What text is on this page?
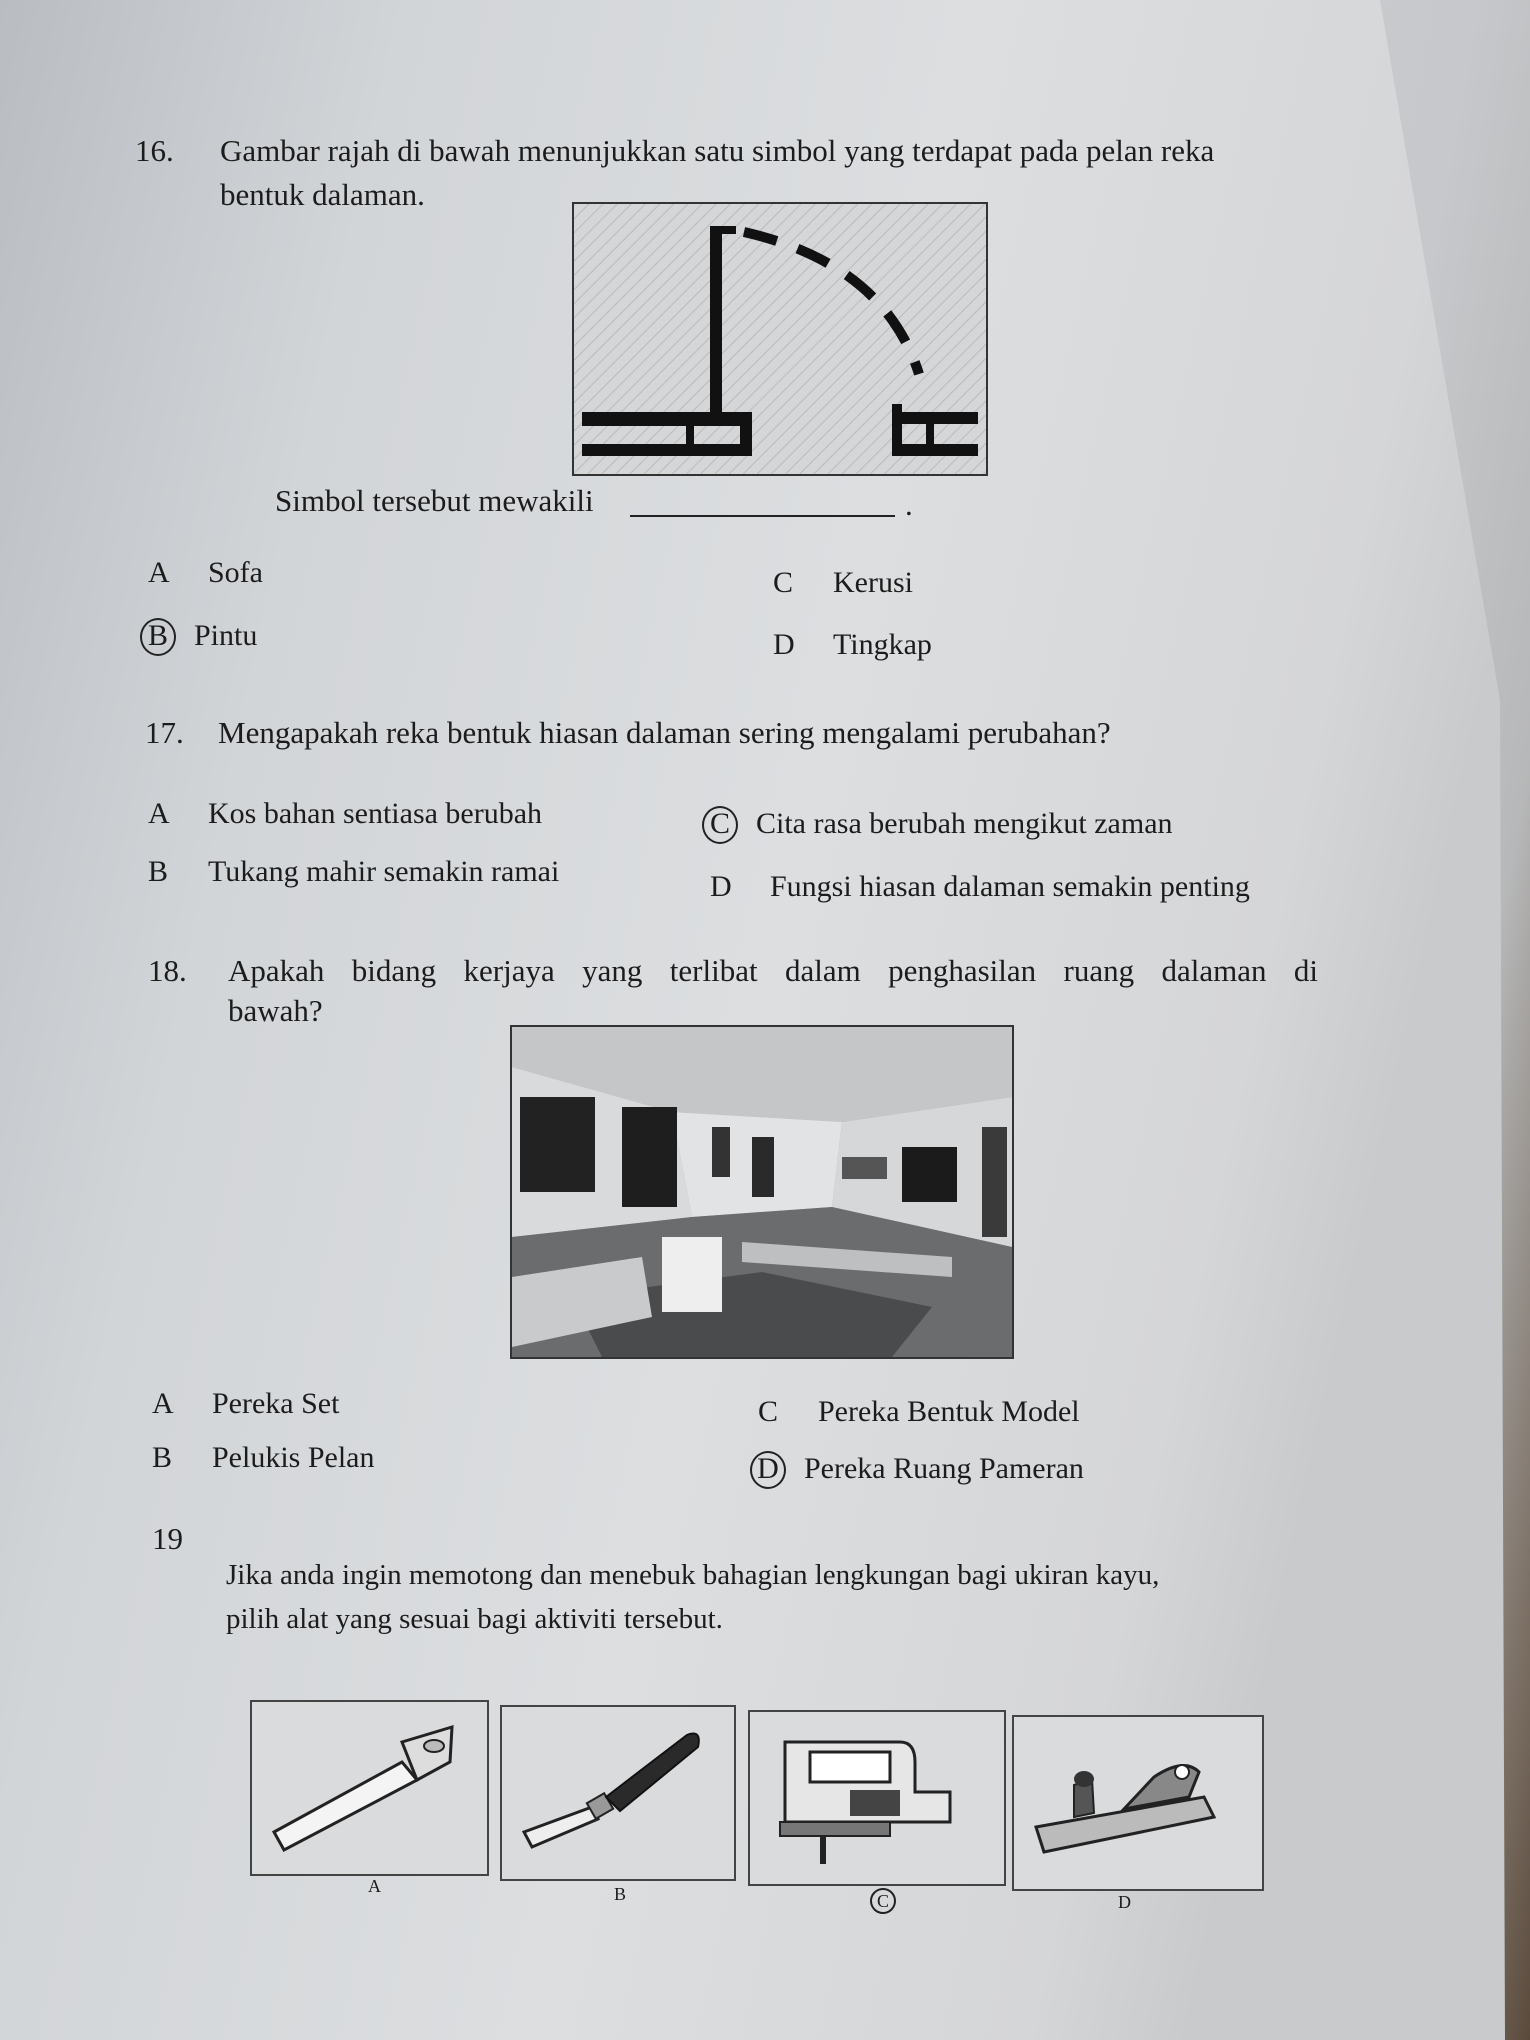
16. Gambar rajah di bawah menunjukkan satu simbol yang terdapat pada pelan reka
bentuk dalaman.
Simbol tersebut mewakili	.
A Sofa
B Pintu
C Kerusi
D Tingkap
17. Mengapakah reka bentuk hiasan dalaman sering mengalami perubahan?
A Kos bahan sentiasa berubah
B Tukang mahir semakin ramai
C Cita rasa berubah mengikut zaman
D Fungsi hiasan dalaman semakin penting
18. Apakah bidang kerjaya yang terlibat dalam penghasilan ruang dalaman di
bawah?
A Pereka Set
B Pelukis Pelan
C Pereka Bentuk Model
D Pereka Ruang Pameran
19
Jika anda ingin memotong dan menebuk bahagian lengkungan bagi ukiran kayu,
pilih alat yang sesuai bagi aktiviti tersebut.
A	B	C	D
